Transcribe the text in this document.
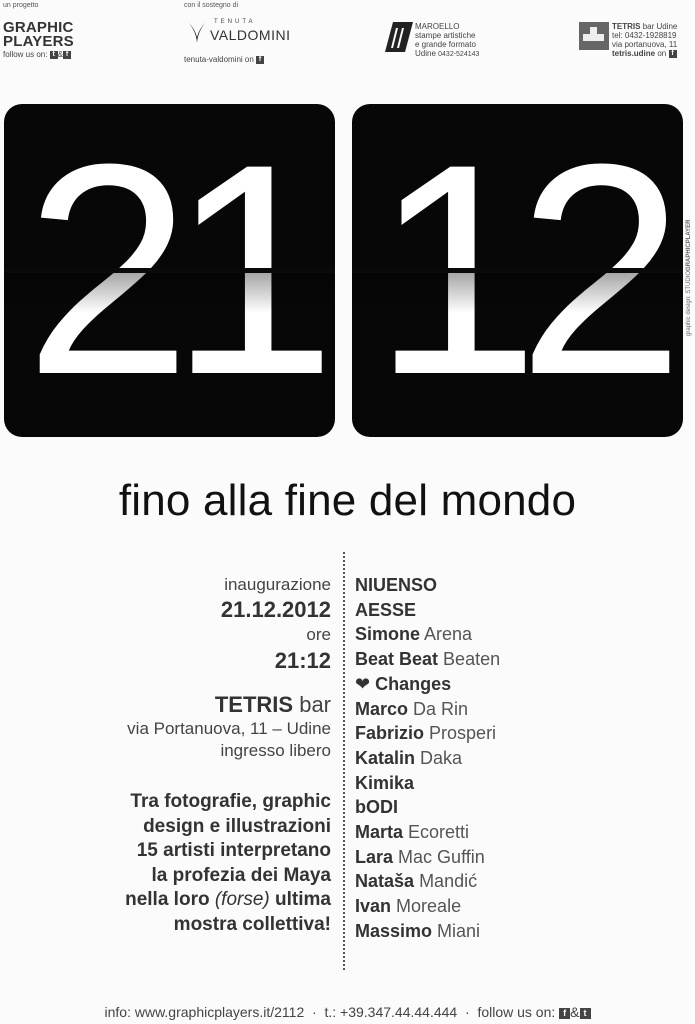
un progetto
GRAPHIC
PLAYERS
follow us on: t & f
con il sostegno di
TENUTA
VALDOMINI
tenuta-valdomini on f
MAROELLO
stampe artistiche
e grande formato
Udine 0432-524143
TETRIS bar Udine
tel: 0432-1928819
via portanuova, 11
tetris.udine on f
graphic design: STUDIOGRAPHICPLAYER
fino alla fine del mondo
inaugurazione
21.12.2012
ore
21:12
TETRIS bar
via Portanuova, 11 – Udine
ingresso libero
Tra fotografie, graphic
design e illustrazioni
15 artisti interpretano
la profezia dei Maya
nella loro (forse) ultima
mostra collettiva!
NIUENSO
AESSE
Simone Arena
Beat Beat Beaten
❤ Changes
Marco Da Rin
Fabrizio Prosperi
Katalin Daka
Kimika
bODI
Marta Ecoretti
Lara Mac Guffin
Nataša Mandić
Ivan Moreale
Massimo Miani
info: www.graphicplayers.it/2112 · t.: +39.347.44.44.444 · follow us on: f & t
